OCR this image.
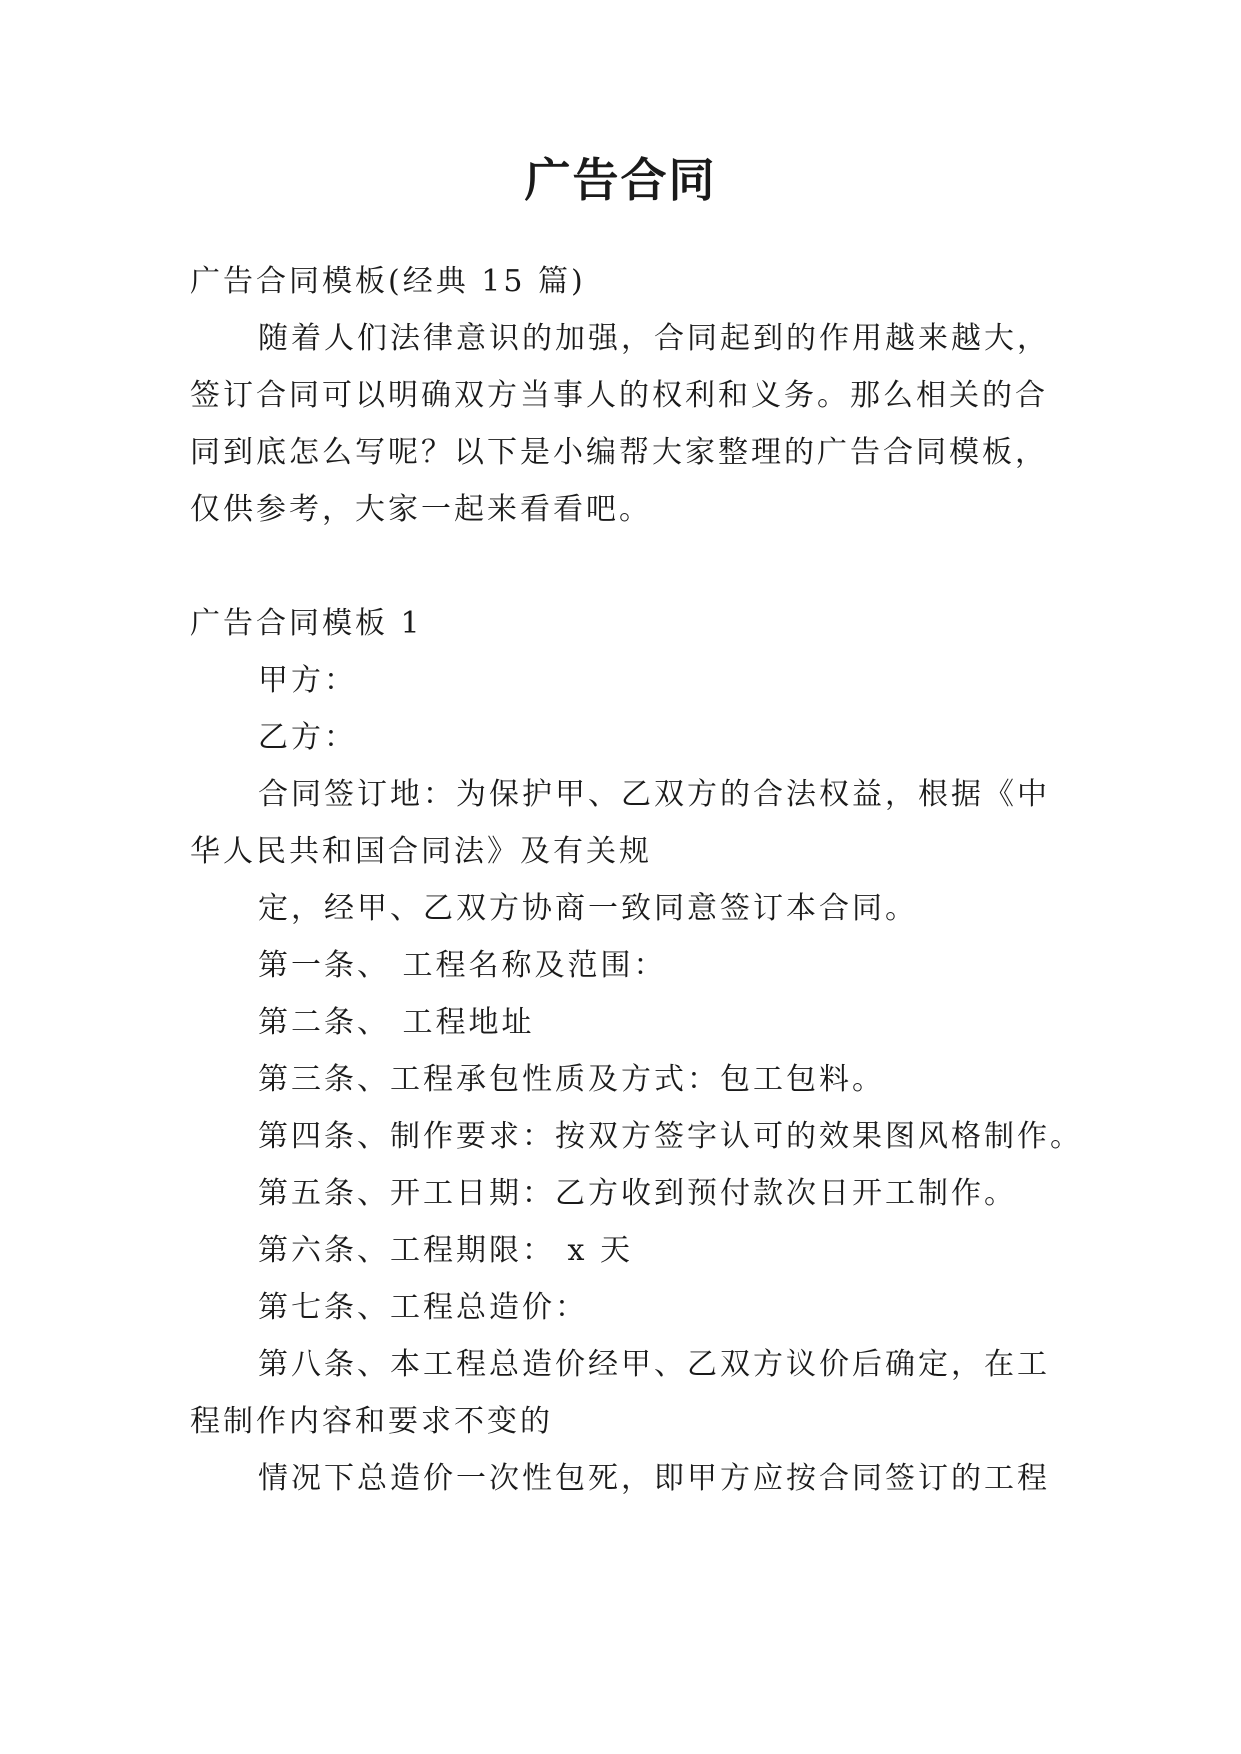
广告合同
广告合同模板(经典 15 篇)
随着人们法律意识的加强，合同起到的作用越来越大，
签订合同可以明确双方当事人的权利和义务。那么相关的合
同到底怎么写呢？以下是小编帮大家整理的广告合同模板，
仅供参考，大家一起来看看吧。
广告合同模板 1
甲方：
乙方：
合同签订地：为保护甲、乙双方的合法权益，根据《中
华人民共和国合同法》及有关规
定，经甲、乙双方协商一致同意签订本合同。
第一条、 工程名称及范围：
第二条、 工程地址
第三条、工程承包性质及方式：包工包料。
第四条、制作要求：按双方签字认可的效果图风格制作。
第五条、开工日期：乙方收到预付款次日开工制作。
第六条、工程期限： x 天
第七条、工程总造价：
第八条、本工程总造价经甲、乙双方议价后确定，在工
程制作内容和要求不变的
情况下总造价一次性包死，即甲方应按合同签订的工程
